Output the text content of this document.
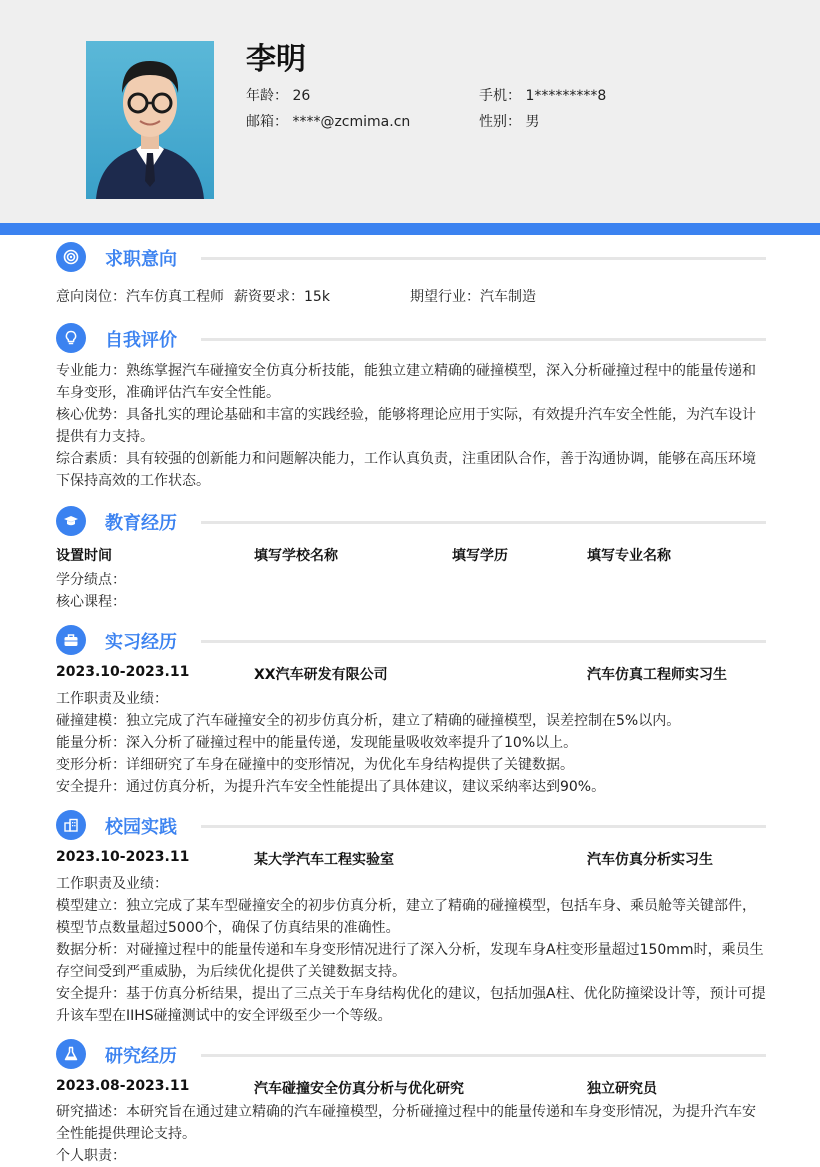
李明
年龄： 26	手机： 1*********8
邮箱： ****@zcmima.cn	性别： 男
求职意向
意向岗位：汽车仿真工程师 薪资要求：15k	期望行业：汽车制造
自我评价
专业能力：熟练掌握汽车碰撞安全仿真分析技能，能独立建立精确的碰撞模型，深入分析碰撞过程中的能量传递和车身变形，准确评估汽车安全性能。
核心优势：具备扎实的理论基础和丰富的实践经验，能够将理论应用于实际，有效提升汽车安全性能，为汽车设计提供有力支持。
综合素质：具有较强的创新能力和问题解决能力，工作认真负责，注重团队合作，善于沟通协调，能够在高压环境下保持高效的工作状态。
教育经历
设置时间	填写学校名称	填写学历	填写专业名称
学分绩点：
核心课程：
实习经历
2023.10-2023.11	XX汽车研发有限公司	汽车仿真工程师实习生
工作职责及业绩：
碰撞建模：独立完成了汽车碰撞安全的初步仿真分析，建立了精确的碰撞模型，误差控制在5%以内。
能量分析：深入分析了碰撞过程中的能量传递，发现能量吸收效率提升了10%以上。
变形分析：详细研究了车身在碰撞中的变形情况，为优化车身结构提供了关键数据。
安全提升：通过仿真分析，为提升汽车安全性能提出了具体建议，建议采纳率达到90%。
校园实践
2023.10-2023.11	某大学汽车工程实验室	汽车仿真分析实习生
工作职责及业绩：
模型建立：独立完成了某车型碰撞安全的初步仿真分析，建立了精确的碰撞模型，包括车身、乘员舱等关键部件，模型节点数量超过5000个，确保了仿真结果的准确性。
数据分析：对碰撞过程中的能量传递和车身变形情况进行了深入分析，发现车身A柱变形量超过150mm时，乘员生存空间受到严重威胁，为后续优化提供了关键数据支持。
安全提升：基于仿真分析结果，提出了三点关于车身结构优化的建议，包括加强A柱、优化防撞梁设计等，预计可提升该车型在IIHS碰撞测试中的安全评级至少一个等级。
研究经历
2023.08-2023.11	汽车碰撞安全仿真分析与优化研究	独立研究员
研究描述：本研究旨在通过建立精确的汽车碰撞模型，分析碰撞过程中的能量传递和车身变形情况，为提升汽车安全性能提供理论支持。
个人职责：
